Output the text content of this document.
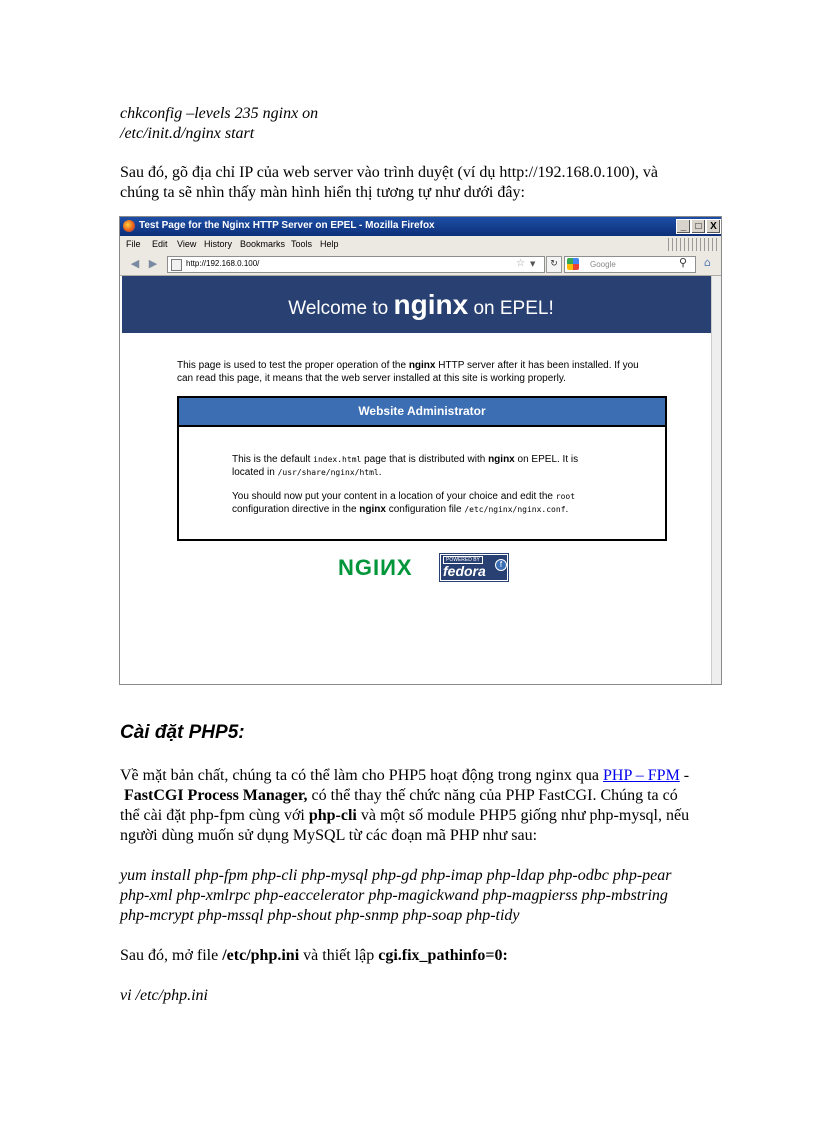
chkconfig –levels 235 nginx on
/etc/init.d/nginx start
Sau đó, gõ địa chỉ IP của web server vào trình duyệt (ví dụ http://192.168.0.100), và
chúng ta sẽ nhìn thấy màn hình hiển thị tương tự như dưới đây:
Test Page for the Nginx HTTP Server on EPEL - Mozilla Firefox	_ □ X
File Edit View History Bookmarks Tools Help
◀ ▶	http://192.168.0.100/	☆ ▼	↻	Google	⚲	⌂
Welcome to nginx on EPEL!
This page is used to test the proper operation of the nginx HTTP server after it has been installed. If you can read this page, it means that the web server installed at this site is working properly.
Website Administrator
This is the default index.html page that is distributed with nginx on EPEL. It is located in /usr/share/nginx/html.
You should now put your content in a location of your choice and edit the root configuration directive in the nginx configuration file /etc/nginx/nginx.conf.
NGIИX	POWERED BY
fedora	f
Cài đặt PHP5:
Về mặt bản chất, chúng ta có thể làm cho PHP5 hoạt động trong nginx qua PHP – FPM -
FastCGI Process Manager, có thể thay thế chức năng của PHP FastCGI. Chúng ta có
thể cài đặt php-fpm cùng với php-cli và một số module PHP5 giống như php-mysql, nếu
người dùng muốn sử dụng MySQL từ các đoạn mã PHP như sau:
yum install php-fpm php-cli php-mysql php-gd php-imap php-ldap php-odbc php-pear
php-xml php-xmlrpc php-eaccelerator php-magickwand php-magpierss php-mbstring
php-mcrypt php-mssql php-shout php-snmp php-soap php-tidy
Sau đó, mở file /etc/php.ini và thiết lập cgi.fix_pathinfo=0:
vi /etc/php.ini
